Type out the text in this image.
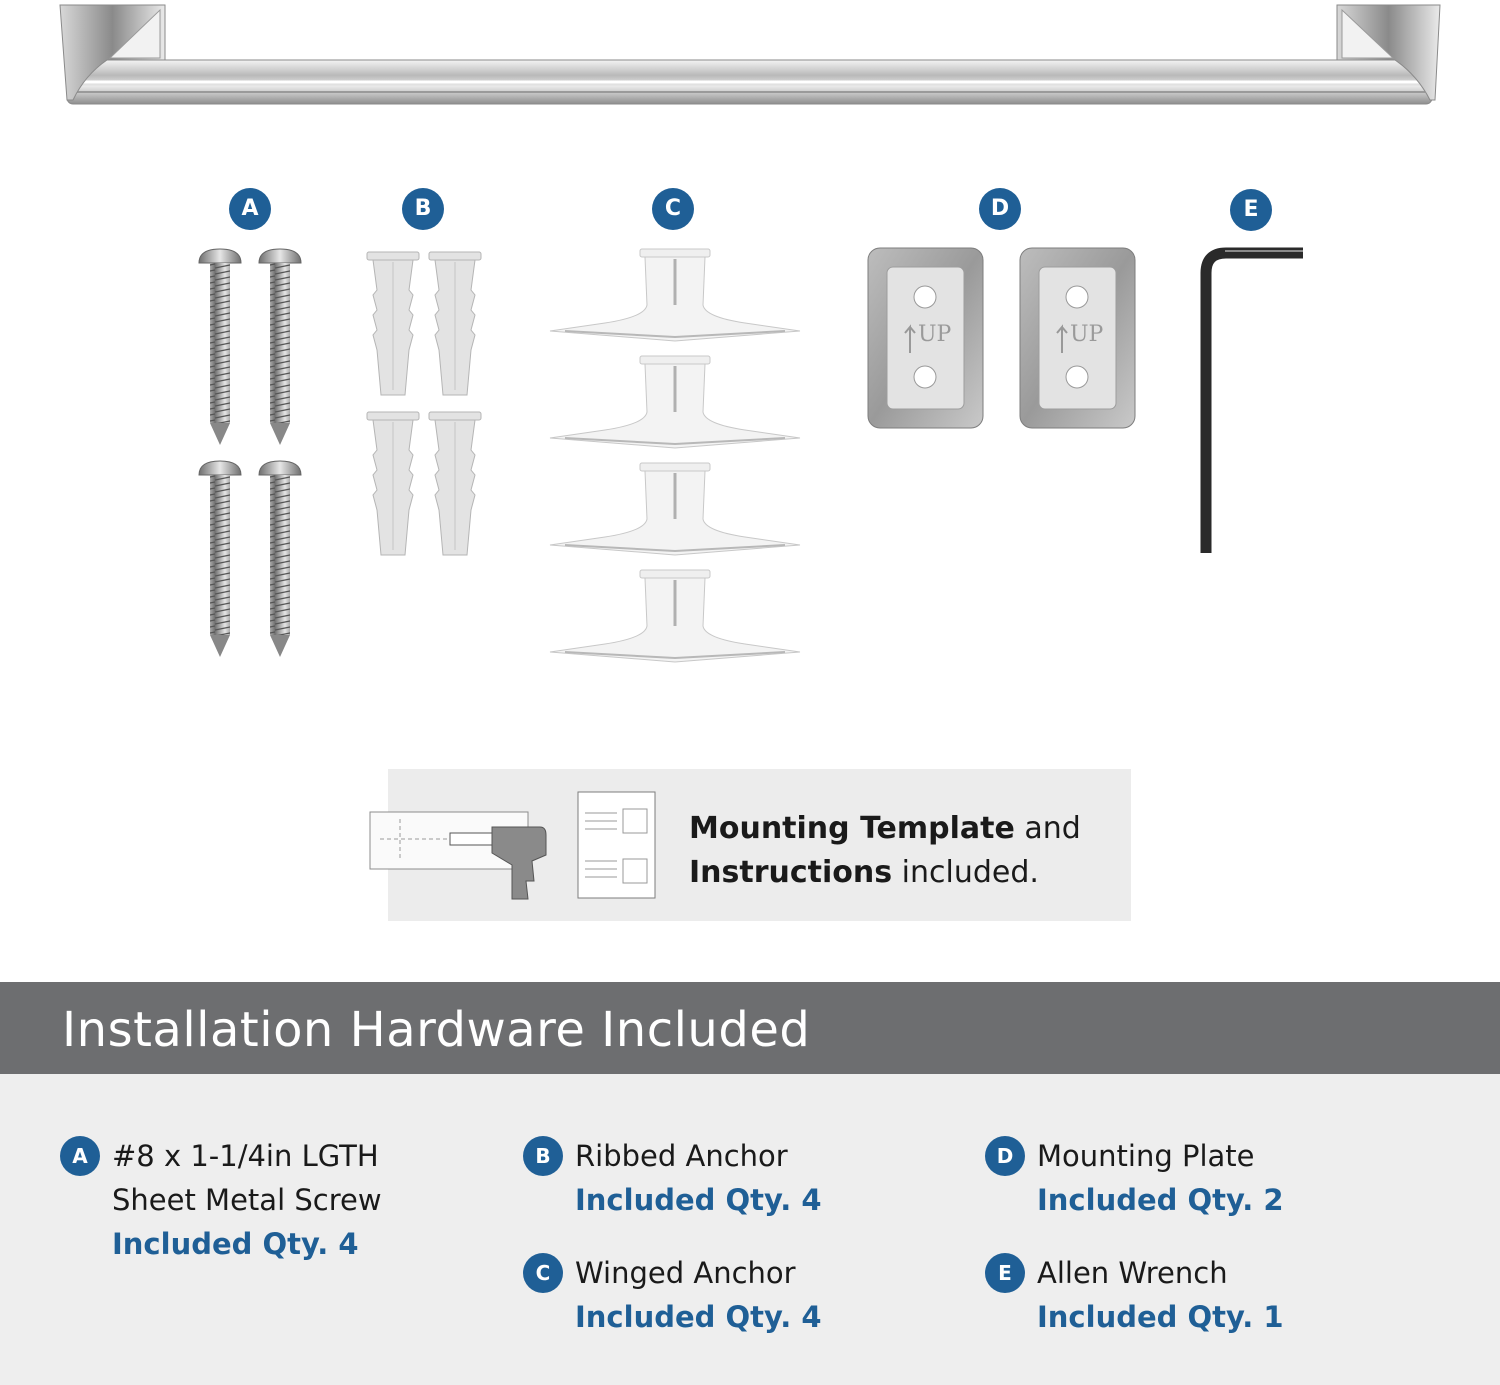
A	B	C	D	E
UP	UP
Mounting Template and
Instructions included.
Installation Hardware Included
A #8 x 1-1/4in LGTH
Sheet Metal Screw
Included Qty. 4
B Ribbed Anchor
Included Qty. 4
C Winged Anchor
Included Qty. 4
D Mounting Plate
Included Qty. 2
E Allen Wrench
Included Qty. 1
